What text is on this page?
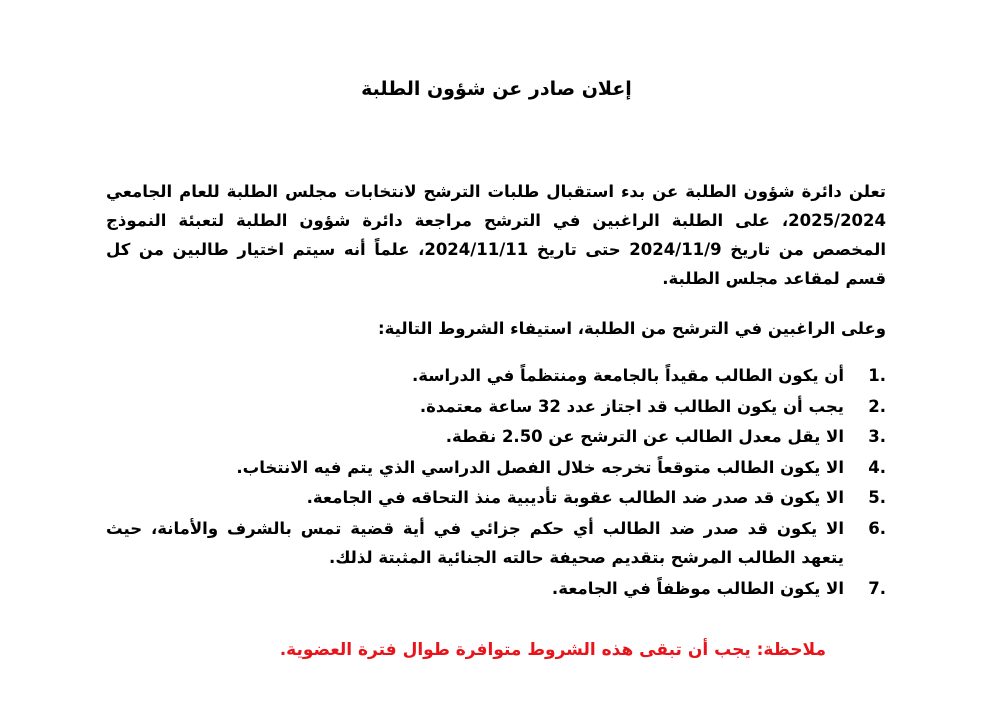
إعلان صادر عن شؤون الطلبة

تعلن دائرة شؤون الطلبة عن بدء استقبال طلبات الترشح لانتخابات مجلس الطلبة للعام الجامعي 2025/2024، على الطلبة الراغبين في الترشح مراجعة دائرة شؤون الطلبة لتعبئة النموذج المخصص من تاريخ 2024/11/9 حتى تاريخ 2024/11/11، علماً أنه سيتم اختيار طالبين من كل قسم لمقاعد مجلس الطلبة.

وعلى الراغبين في الترشح من الطلبة، استيفاء الشروط التالية:

.1
أن يكون الطالب مقيداً بالجامعة ومنتظماً في الدراسة.
.2
يجب أن يكون الطالب قد اجتاز عدد 32 ساعة معتمدة.
.3
الا يقل معدل الطالب عن الترشح عن 2.50 نقطة.
.4
الا يكون الطالب متوقعاً تخرجه خلال الفصل الدراسي الذي يتم فيه الانتخاب.
.5
الا يكون قد صدر ضد الطالب عقوبة تأديبية منذ التحاقه في الجامعة.
.6
الا يكون قد صدر ضد الطالب أي حكم جزائي في أية قضية تمس بالشرف والأمانة، حيث يتعهد الطالب المرشح بتقديم صحيفة حالته الجنائية المثبتة لذلك.
.7
الا يكون الطالب موظفاً في الجامعة.

ملاحظة: يجب أن تبقى هذه الشروط متوافرة طوال فترة العضوية.
